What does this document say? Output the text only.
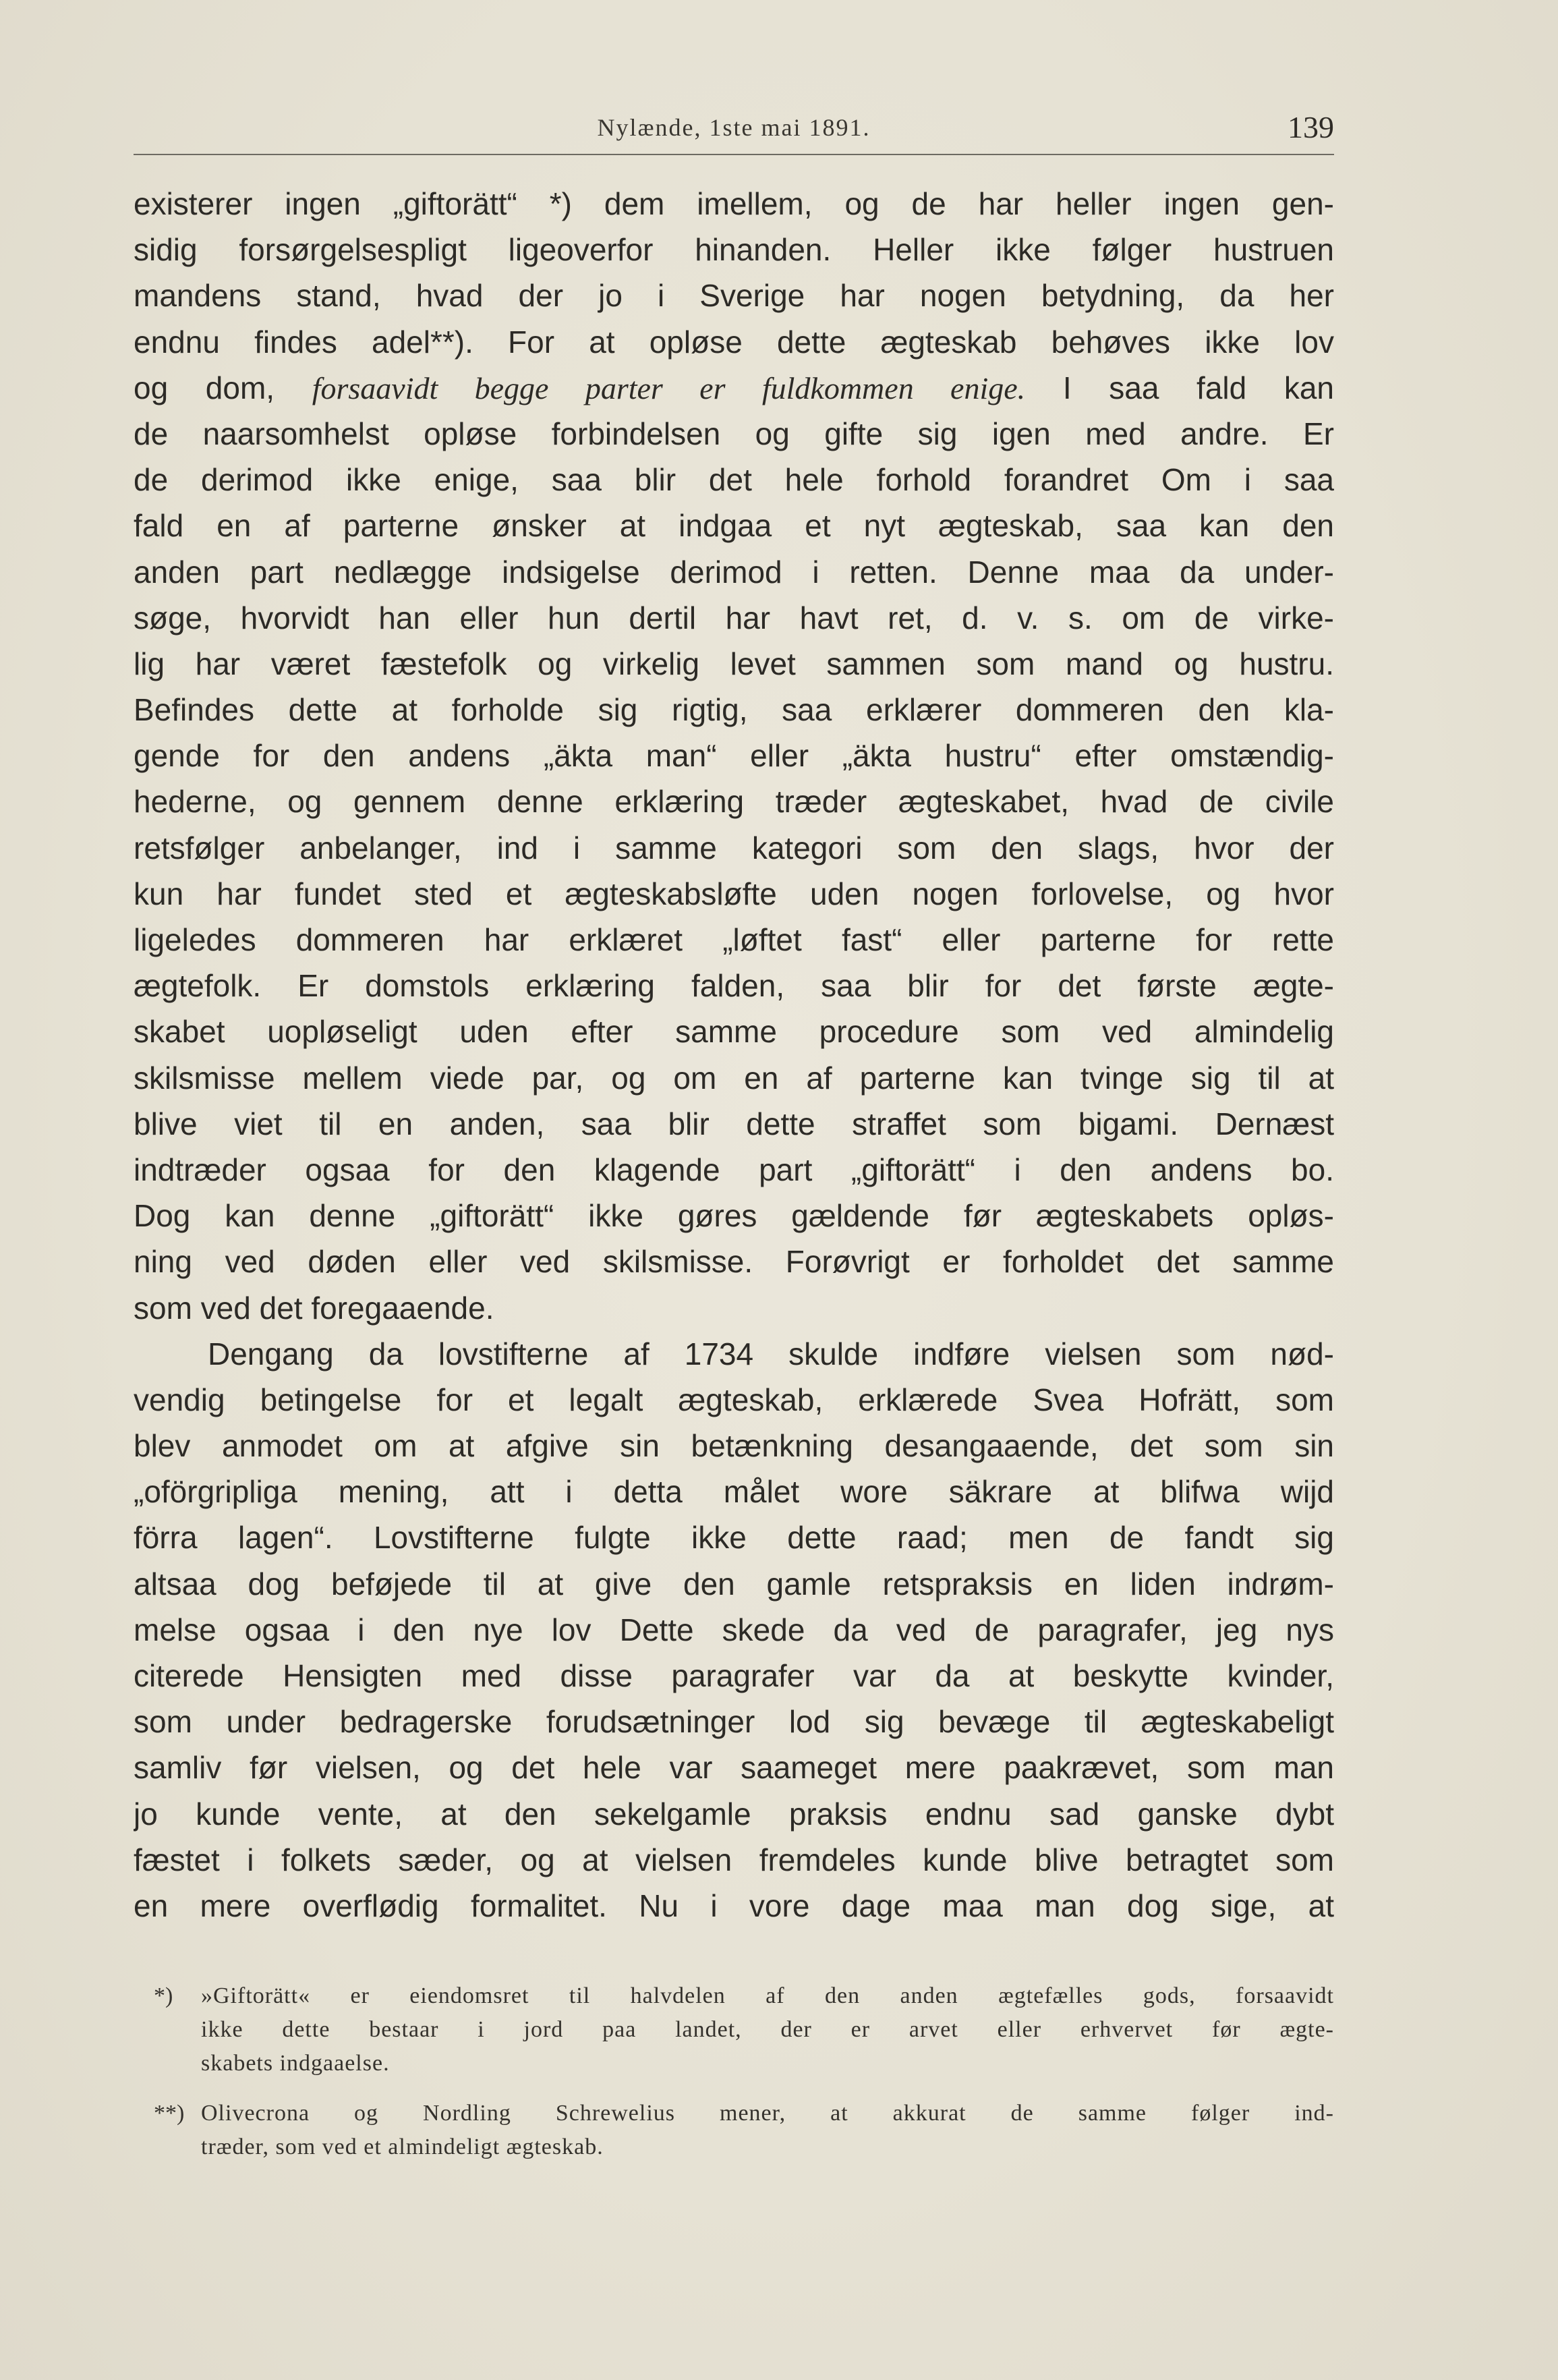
Nylænde, 1ste mai 1891.	139
existerer ingen „giftorätt“ *) dem imellem, og de har heller ingen gen-
sidig forsørgelsespligt ligeoverfor hinanden. Heller ikke følger hustruen
mandens stand, hvad der jo i Sverige har nogen betydning, da her
endnu findes adel**). For at opløse dette ægteskab behøves ikke lov
og dom, forsaavidt begge parter er fuldkommen enige. I saa fald kan
de naarsomhelst opløse forbindelsen og gifte sig igen med andre. Er
de derimod ikke enige, saa blir det hele forhold forandret Om i saa
fald en af parterne ønsker at indgaa et nyt ægteskab, saa kan den
anden part nedlægge indsigelse derimod i retten. Denne maa da under-
søge, hvorvidt han eller hun dertil har havt ret, d. v. s. om de virke-
lig har været fæstefolk og virkelig levet sammen som mand og hustru.
Befindes dette at forholde sig rigtig, saa erklærer dommeren den kla-
gende for den andens „äkta man“ eller „äkta hustru“ efter omstændig-
hederne, og gennem denne erklæring træder ægteskabet, hvad de civile
retsfølger anbelanger, ind i samme kategori som den slags, hvor der
kun har fundet sted et ægteskabsløfte uden nogen forlovelse, og hvor
ligeledes dommeren har erklæret „løftet fast“ eller parterne for rette
ægtefolk. Er domstols erklæring falden, saa blir for det første ægte-
skabet uopløseligt uden efter samme procedure som ved almindelig
skilsmisse mellem viede par, og om en af parterne kan tvinge sig til at
blive viet til en anden, saa blir dette straffet som bigami. Dernæst
indtræder ogsaa for den klagende part „giftorätt“ i den andens bo.
Dog kan denne „giftorätt“ ikke gøres gældende før ægteskabets opløs-
ning ved døden eller ved skilsmisse. Forøvrigt er forholdet det samme
som ved det foregaaende.
Dengang da lovstifterne af 1734 skulde indføre vielsen som nød-
vendig betingelse for et legalt ægteskab, erklærede Svea Hofrätt, som
blev anmodet om at afgive sin betænkning desangaaende, det som sin
„oförgripliga mening, att i detta målet wore säkrare at blifwa wijd
förra lagen“. Lovstifterne fulgte ikke dette raad; men de fandt sig
altsaa dog beføjede til at give den gamle retspraksis en liden indrøm-
melse ogsaa i den nye lov Dette skede da ved de paragrafer, jeg nys
citerede Hensigten med disse paragrafer var da at beskytte kvinder,
som under bedragerske forudsætninger lod sig bevæge til ægteskabeligt
samliv før vielsen, og det hele var saameget mere paakrævet, som man
jo kunde vente, at den sekelgamle praksis endnu sad ganske dybt
fæstet i folkets sæder, og at vielsen fremdeles kunde blive betragtet som
en mere overflødig formalitet. Nu i vore dage maa man dog sige, at
*) »Giftorätt« er eiendomsret til halvdelen af den anden ægtefælles gods, forsaavidt
ikke dette bestaar i jord paa landet, der er arvet eller erhvervet før ægte-
skabets indgaaelse.
**) Olivecrona og Nordling Schrewelius mener, at akkurat de samme følger ind-
træder, som ved et almindeligt ægteskab.
